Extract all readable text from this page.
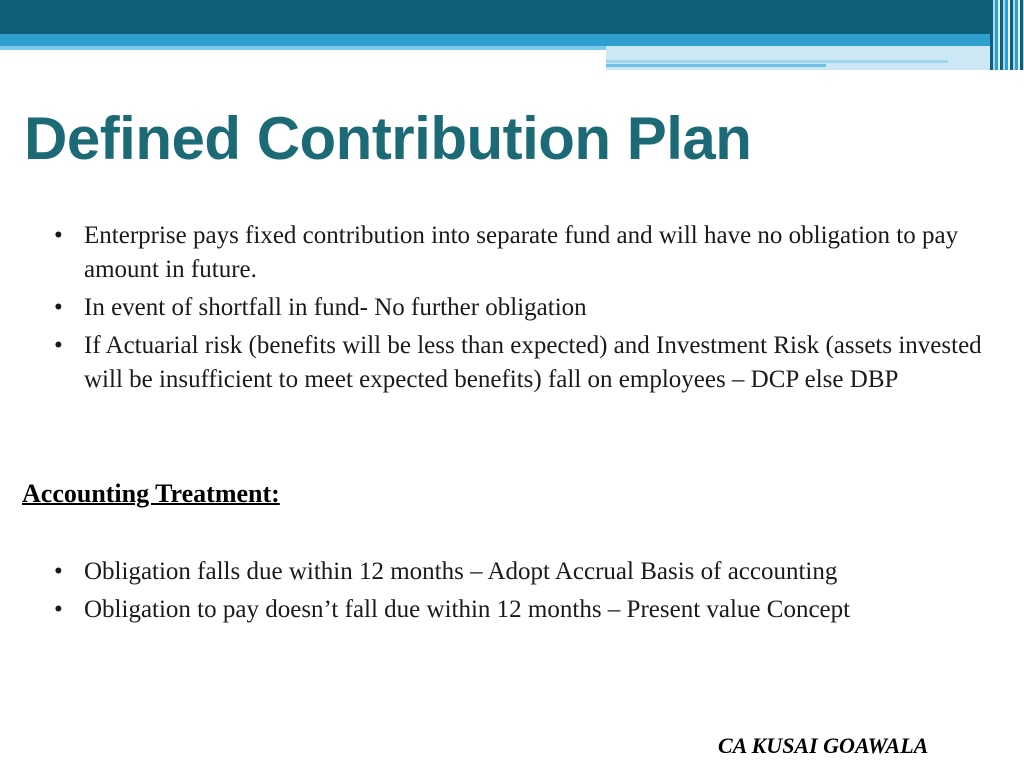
Defined Contribution Plan
• Enterprise pays fixed contribution into separate fund and will have no obligation to pay amount in future.
• In event of shortfall in fund- No further obligation
• If Actuarial risk (benefits will be less than expected) and Investment Risk (assets invested will be insufficient to meet expected benefits) fall on employees – DCP else DBP
Accounting Treatment:
• Obligation falls due within 12 months – Adopt Accrual Basis of accounting
• Obligation to pay doesn’t fall due within 12 months – Present value Concept
CA KUSAI GOAWALA
